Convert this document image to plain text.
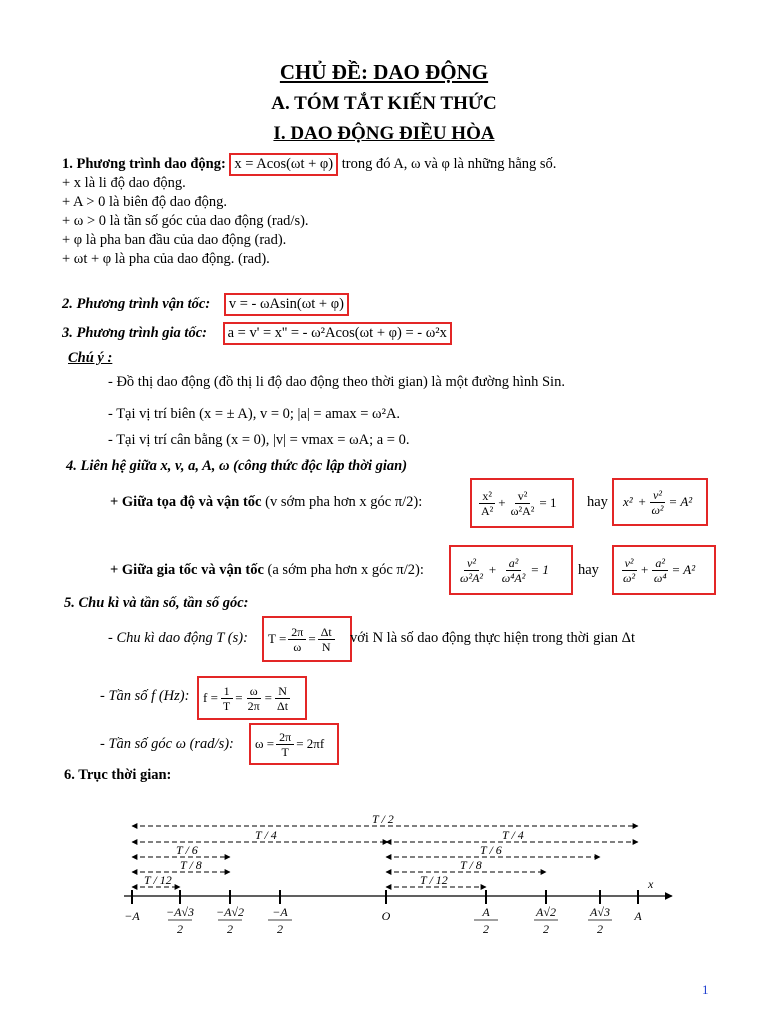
CHỦ ĐỀ: DAO ĐỘNG
A. TÓM TẮT KIẾN THỨC
I. DAO ĐỘNG ĐIỀU HÒA
1. Phương trình dao động: x = Acos(ωt + φ) trong đó A, ω và φ là những hằng số.
+ x là li độ dao động.
+ A > 0 là biên độ dao động.
+ ω > 0 là tần số góc của dao động (rad/s).
+ φ là pha ban đầu của dao động (rad).
+ ωt + φ là pha của dao động. (rad).
2. Phương trình vận tốc: v = - ωAsin(ωt + φ)
3. Phương trình gia tốc: a = v' = x'' = - ω²Acos(ωt + φ) = - ω²x
Chú ý :
- Đồ thị dao động (đồ thị li độ dao động theo thời gian) là một đường hình Sin.
- Tại vị trí biên (x = ± A), v = 0; |a| = amax = ω²A.
- Tại vị trí cân bằng (x = 0), |v| = vmax = ωA; a = 0.
4. Liên hệ giữa x, v, a, A, ω (công thức độc lập thời gian)
+ Giữa tọa độ và vận tốc (v sớm pha hơn x góc π/2):	$\frac{\text{x²}}{\text{A²}} + \frac{\text{v²}}{\text{ω²A²}} = 1$ hay $x^2 + \frac{\text{v²}}{\text{ω²}} = A^2$
+ Giữa gia tốc và vận tốc (a sớm pha hơn x góc π/2):	$\frac{\text{v²}}{\text{ω²A²}} + \frac{\text{a²}}{\text{ω⁴A²}} = 1$ hay $\frac{\text{v²}}{\text{ω²}} + \frac{\text{a²}}{\text{ω⁴}} = A^2$
5. Chu kì và tần số, tần số góc:
- Chu kì dao động T (s): $T = \frac{2\pi}{\omega} = \frac{\Delta t}{N}$ với N là số dao động thực hiện trong thời gian Δt
- Tần số f (Hz): $f = \frac{1}{T} = \frac{\omega}{2\pi} = \frac{N}{\Delta t}$
- Tần số góc ω (rad/s): $\omega = \frac{2\pi}{T} = 2\pi f$
6. Trục thời gian:
T / 2
T / 4	T / 4
T / 6	T / 6
T / 8	T / 8
T / 12	T / 12	x
−A −A√3
2
−A√2
2
−A
2
O	A
2
A√2
2
A√3
2
A
1
